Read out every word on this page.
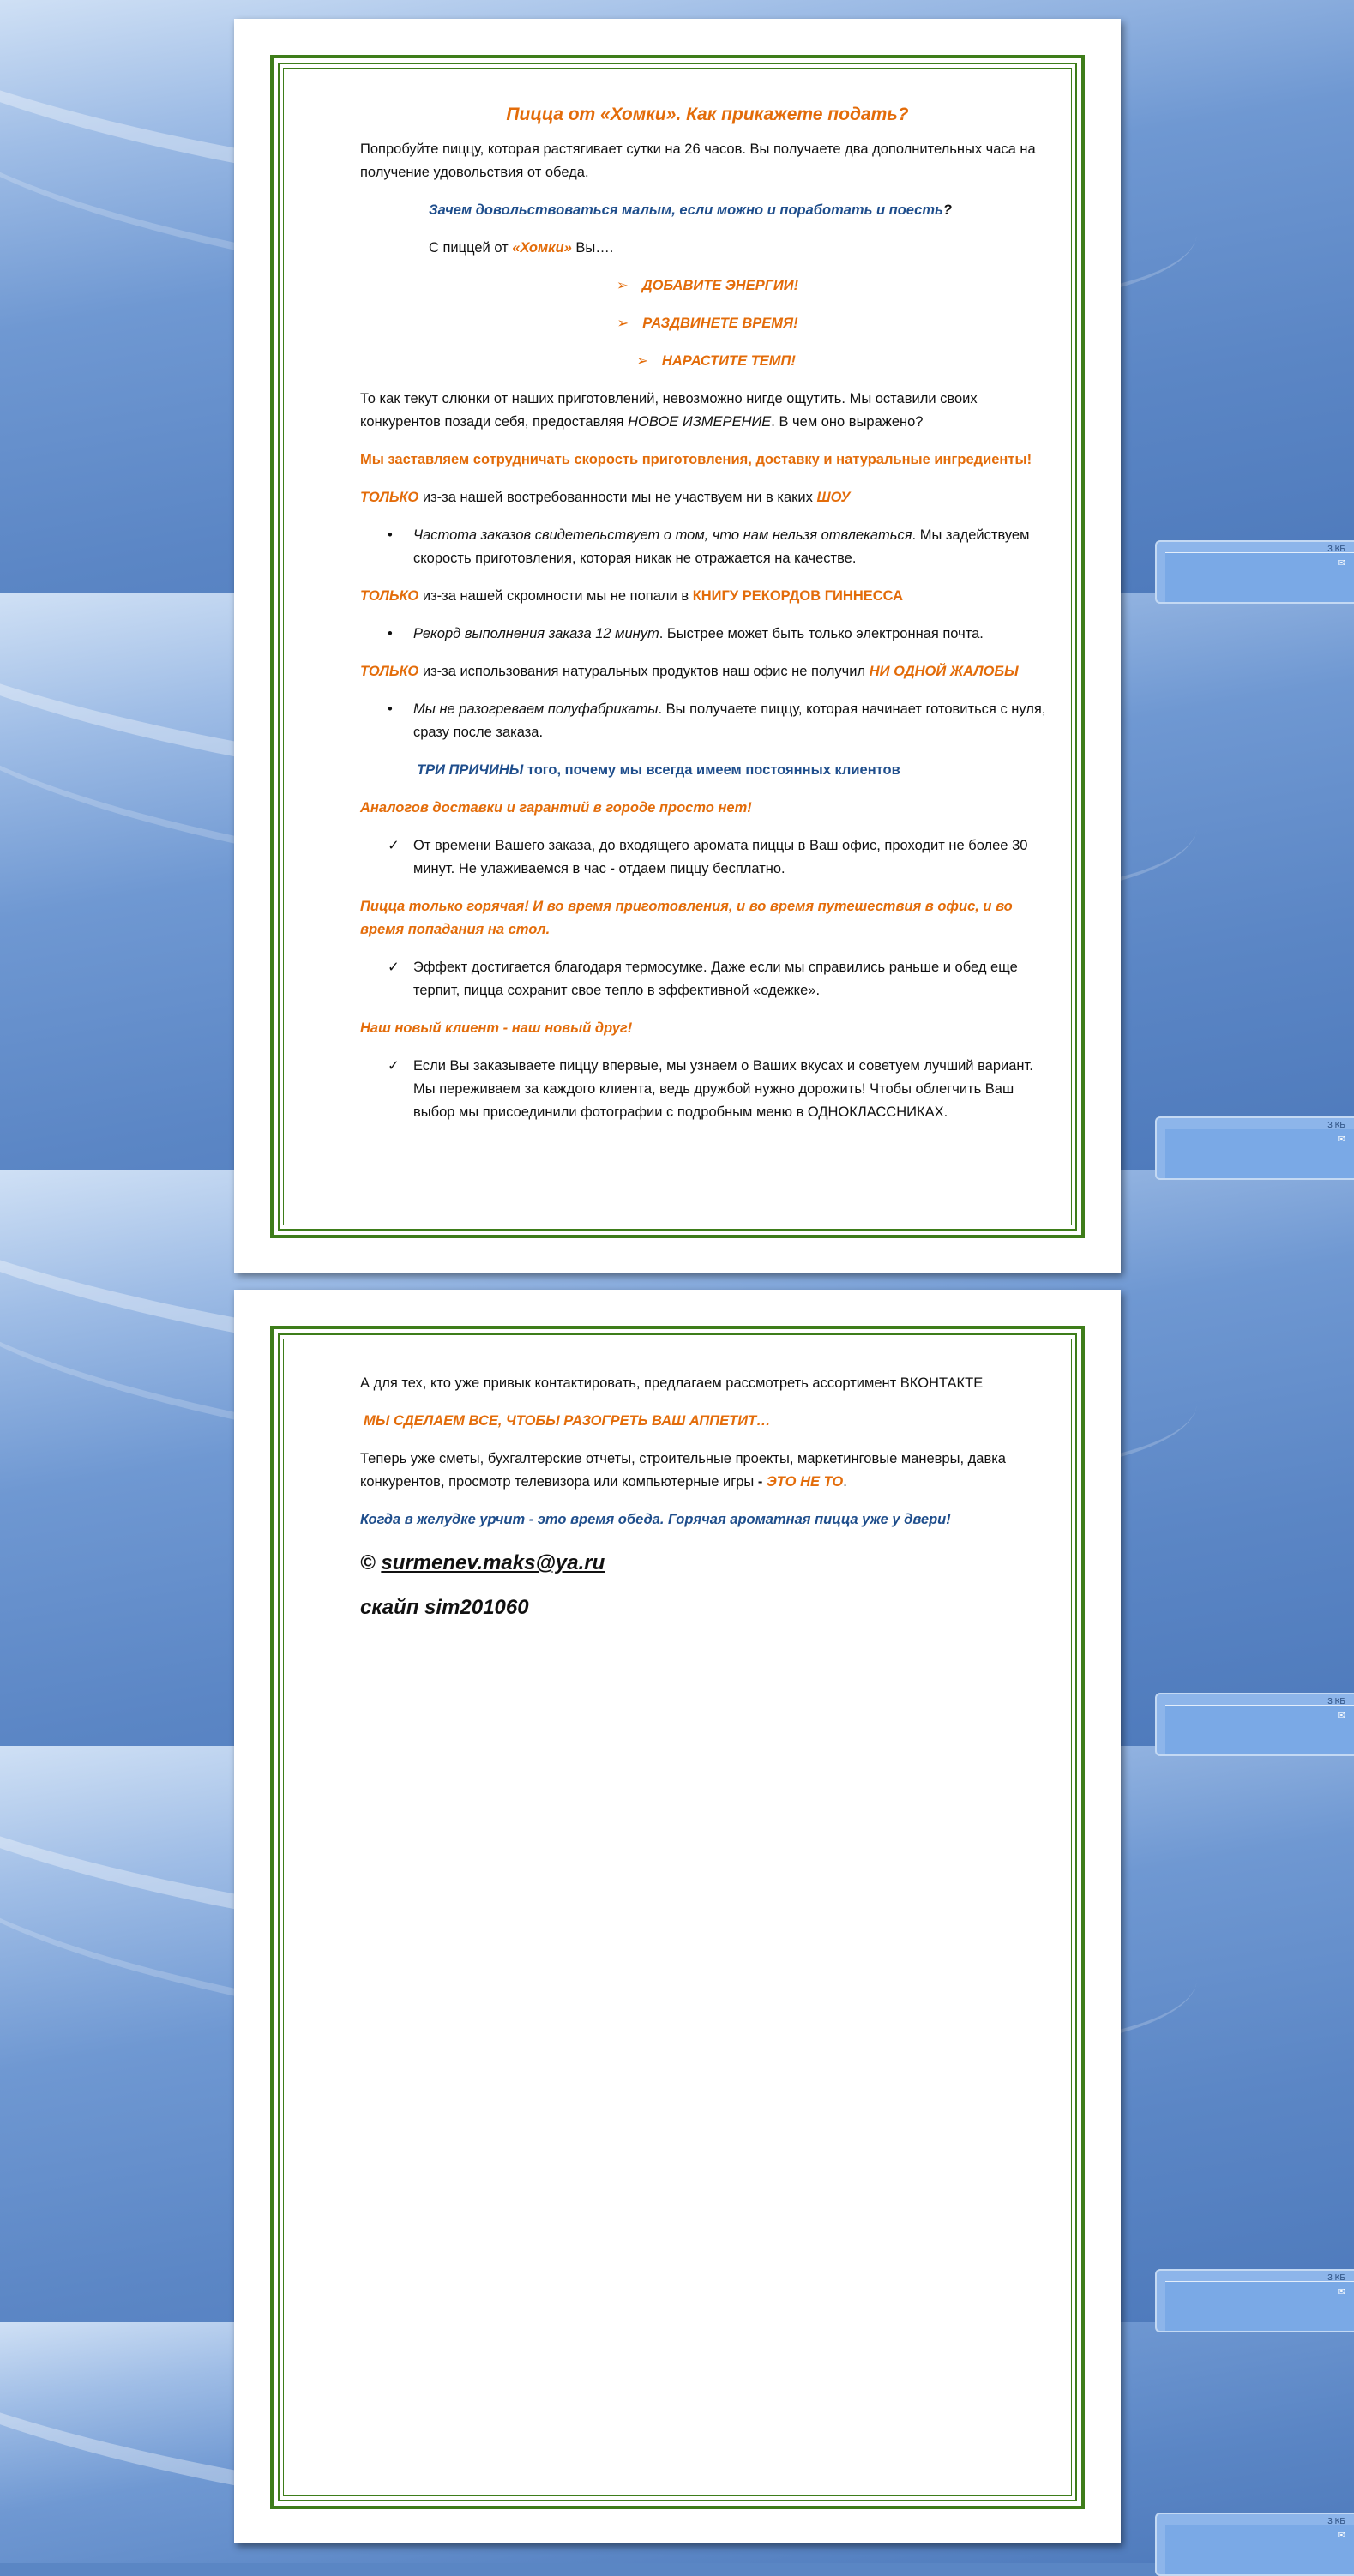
3 КБ
✉
3 КБ
✉
3 КБ
✉
3 КБ
✉
3 КБ
✉

Пицца от «Хомки». Как прикажете подать?

Попробуйте пиццу, которая растягивает сутки на 26 часов. Вы получаете два дополнительных часа на получение удовольствия от обеда.

Зачем довольствоваться малым, если можно и поработать и поесть?

С пиццей от «Хомки» Вы….

➢ ДОБАВИТЕ ЭНЕРГИИ!

➢ РАЗДВИНЕТЕ ВРЕМЯ!

➢ НАРАСТИТЕ ТЕМП!

То как текут слюнки от наших приготовлений, невозможно нигде ощутить. Мы оставили своих конкурентов позади себя, предоставляя НОВОЕ ИЗМЕРЕНИЕ. В чем оно выражено?

Мы заставляем сотрудничать скорость приготовления, доставку и натуральные ингредиенты!

ТОЛЬКО из-за нашей востребованности мы не участвуем ни в каких ШОУ

• Частота заказов свидетельствует о том, что нам нельзя отвлекаться. Мы задействуем скорость приготовления, которая никак не отражается на качестве.

ТОЛЬКО из-за нашей скромности мы не попали в КНИГУ РЕКОРДОВ ГИННЕССА

• Рекорд выполнения заказа 12 минут. Быстрее может быть только электронная почта.

ТОЛЬКО из-за использования натуральных продуктов наш офис не получил НИ ОДНОЙ ЖАЛОБЫ

• Мы не разогреваем полуфабрикаты. Вы получаете пиццу, которая начинает готовиться с нуля, сразу после заказа.

ТРИ ПРИЧИНЫ того, почему мы всегда имеем постоянных клиентов

Аналогов доставки и гарантий в городе просто нет!

✓ От времени Вашего заказа, до входящего аромата пиццы в Ваш офис, проходит не более 30 минут. Не улаживаемся в час - отдаем пиццу бесплатно.

Пицца только горячая! И во время приготовления, и во время путешествия в офис, и во время попадания на стол.

✓ Эффект достигается благодаря термосумке. Даже если мы справились раньше и обед еще терпит, пицца сохранит свое тепло в эффективной «одежке».

Наш новый клиент - наш новый друг!

✓ Если Вы заказываете пиццу впервые, мы узнаем о Ваших вкусах и советуем лучший вариант. Мы переживаем за каждого клиента, ведь дружбой нужно дорожить! Чтобы облегчить Ваш выбор мы присоединили фотографии с подробным меню в ОДНОКЛАССНИКАХ.

А для тех, кто уже привык контактировать, предлагаем рассмотреть ассортимент ВКОНТАКТЕ

МЫ СДЕЛАЕМ ВСЕ, ЧТОБЫ РАЗОГРЕТЬ ВАШ АППЕТИТ…

Теперь уже сметы, бухгалтерские отчеты, строительные проекты, маркетинговые маневры, давка конкурентов, просмотр телевизора или компьютерные игры - ЭТО НЕ ТО.

Когда в желудке урчит - это время обеда. Горячая ароматная пицца уже у двери!

© surmenev.maks@ya.ru

скайп sim201060
